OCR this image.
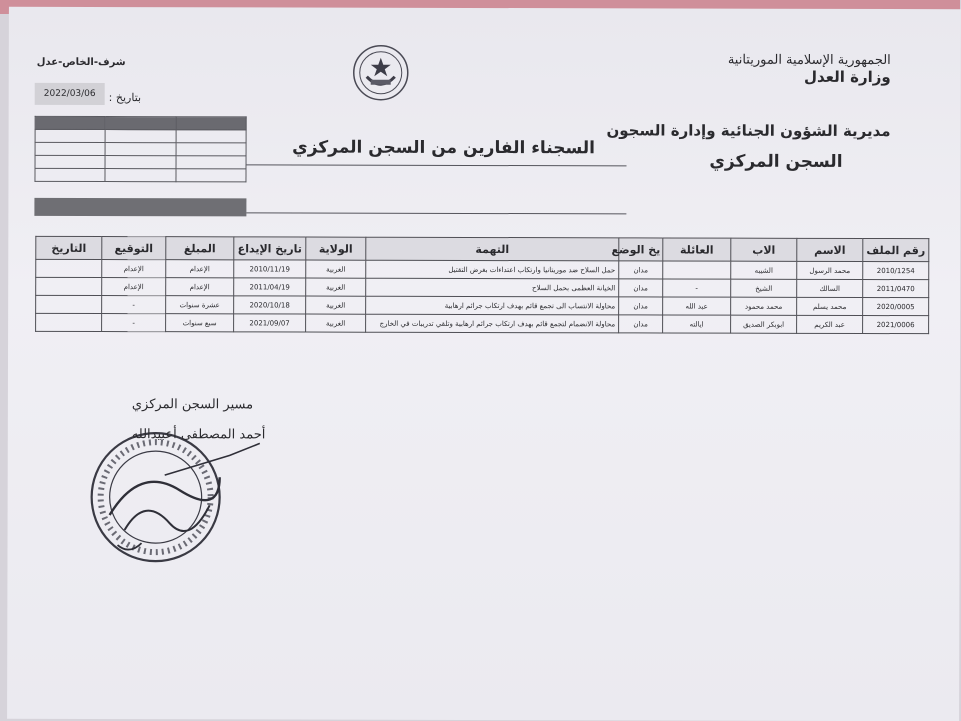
الجمهورية الإسلامية الموريتانية
وزارة العدل
مديرية الشؤون الجنائية وإدارة السجون
السجن المركزي
شرف-الخاص-عدل
بتاريخ :
2022/03/06
السجناء الفارين من السجن المركزي

رقم الملف	الاسم	الاب	العائلة	يخ الوضع	التهمة	الولاية	تاريخ الإيداع	المبلغ	التوقيع	التاريخ
2010/1254	محمد الرسول	الشيبه		مدان	حمل السلاح ضد موريتانيا وارتكاب اعتداءات بغرض التقتيل	الغربية	2010/11/19	الإعدام	الإعدام	
2011/0470	السالك	الشيخ	-	مدان	الخيانة العظمى بحمل السلاح	الغربية	2011/04/19	الإعدام	الإعدام	
2020/0005	محمد يسلم	محمد محمود	عبد الله	مدان	محاولة الانتساب الى تجمع قائم بهدف ارتكاب جرائم ارهابية	الغربية	2020/10/18	عشرة سنوات	-	
2021/0006	عبد الكريم	ابوبكر الصديق	ايالته	مدان	محاولة الانضمام لتجمع قائم بهدف ارتكاب جرائم ارهابية وتلقي تدريبات في الخارج	الغربية	2021/09/07	سبع سنوات	-	
مسير السجن المركزي
أحمد المصطفى أعبيدالله
